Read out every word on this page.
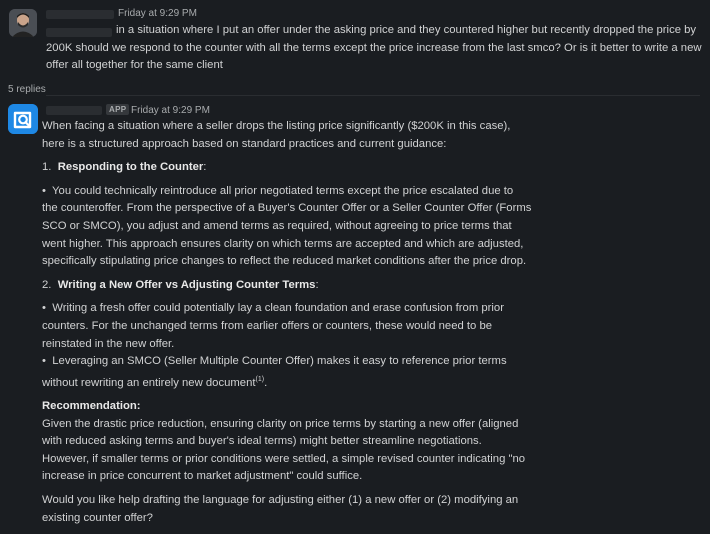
Friday at 9:29 PM
in a situation where I put an offer under the asking price and they countered higher but recently dropped the price by 200K should we respond to the counter with all the terms except the price increase from the last smco? Or is it better to write a new offer all together for the same client
5 replies
APP Friday at 9:29 PM

When facing a situation where a seller drops the listing price significantly ($200K in this case), here is a structured approach based on standard practices and current guidance:

1. Responding to the Counter:

• You could technically reintroduce all prior negotiated terms except the price escalated due to the counteroffer. From the perspective of a Buyer's Counter Offer or a Seller Counter Offer (Forms SCO or SMCO), you adjust and amend terms as required, without agreeing to price terms that went higher. This approach ensures clarity on which terms are accepted and which are adjusted, specifically stipulating price changes to reflect the reduced market conditions after the price drop.

2. Writing a New Offer vs Adjusting Counter Terms:

• Writing a fresh offer could potentially lay a clean foundation and erase confusion from prior counters. For the unchanged terms from earlier offers or counters, these would need to be reinstated in the new offer.

• Leveraging an SMCO (Seller Multiple Counter Offer) makes it easy to reference prior terms without rewriting an entirely new document$^{(1)}$.

Recommendation:

Given the drastic price reduction, ensuring clarity on price terms by starting a new offer (aligned with reduced asking terms and buyer's ideal terms) might better streamline negotiations. However, if smaller terms or prior conditions were settled, a simple revised counter indicating "no increase in price concurrent to market adjustment" could suffice.

Would you like help drafting the language for adjusting either (1) a new offer or (2) modifying an existing counter offer?
